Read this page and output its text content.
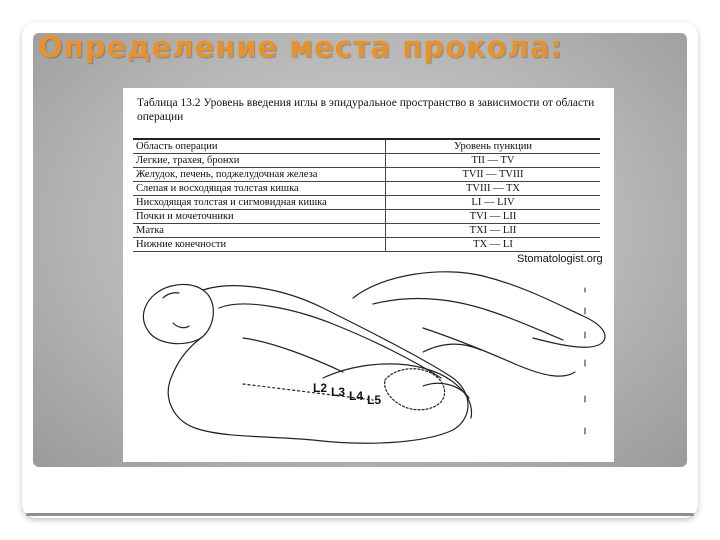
Определение места прокола:
Таблица 13.2 Уровень введения иглы в эпидуральное пространство в зависимости от области операции
Область операции	Уровень пункции
Легкие, трахея, бронхи	TII — TV
Желудок, печень, поджелудочная железа	TVII — TVIII
Слепая и восходящая толстая кишка	TVIII — TX
Нисходящая толстая и сигмовидная кишка	LI — LIV
Почки и мочеточники	TVI — LII
Матка	TXI — LII
Нижние конечности	TX — LI
Stomatologist.org
L2 L3 L4 L5
